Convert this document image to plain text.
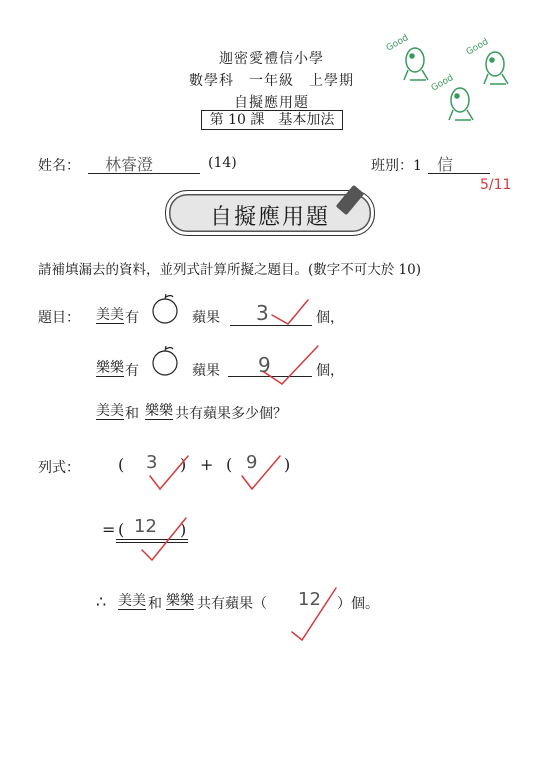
迦密愛禮信小學
數學科　一年級　上學期
自擬應用題
第 10 課　基本加法
Good	Good
Good
姓名： 林睿澄	(14)	班別：1 信
5/11
自擬應用題
請補填漏去的資料，並列式計算所擬之題目。(數字不可大於 10)
題目： 美美 有	蘋果 3	個，
樂樂 有	蘋果 9	個，
美美 和 樂樂 共有蘋果多少個？
列式： ( 3 ) + ( 9 )
= ( 12 )
∴ 美美 和 樂樂 共有蘋果（ 12 ）個。
